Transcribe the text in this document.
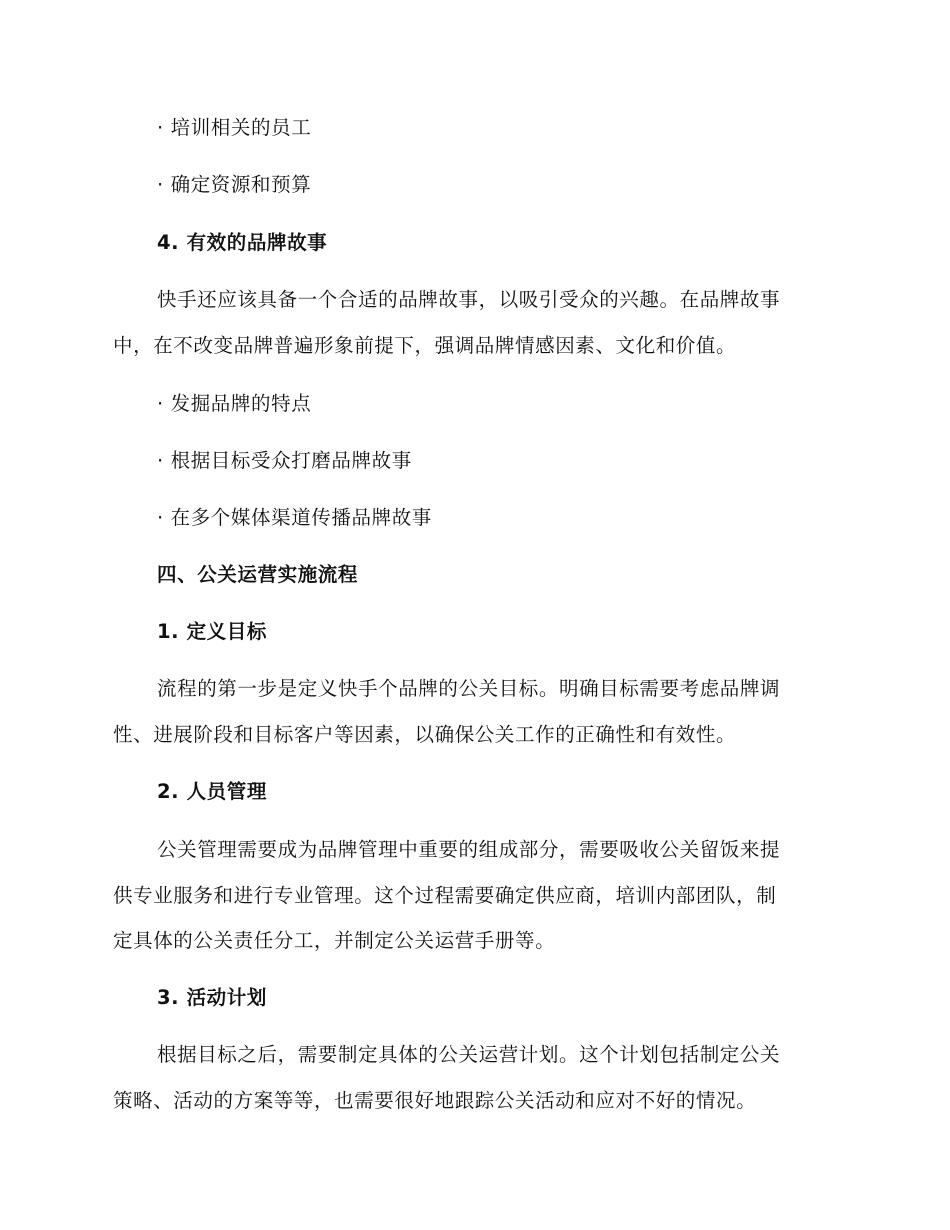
· 培训相关的员工
· 确定资源和预算
4. 有效的品牌故事
快手还应该具备一个合适的品牌故事，以吸引受众的兴趣。在品牌故事
中，在不改变品牌普遍形象前提下，强调品牌情感因素、文化和价值。
· 发掘品牌的特点
· 根据目标受众打磨品牌故事
· 在多个媒体渠道传播品牌故事
四、公关运营实施流程
1. 定义目标
流程的第一步是定义快手个品牌的公关目标。明确目标需要考虑品牌调
性、进展阶段和目标客户等因素，以确保公关工作的正确性和有效性。
2. 人员管理
公关管理需要成为品牌管理中重要的组成部分，需要吸收公关留饭来提
供专业服务和进行专业管理。这个过程需要确定供应商，培训内部团队，制
定具体的公关责任分工，并制定公关运营手册等。
3. 活动计划
根据目标之后，需要制定具体的公关运营计划。这个计划包括制定公关
策略、活动的方案等等，也需要很好地跟踪公关活动和应对不好的情况。
